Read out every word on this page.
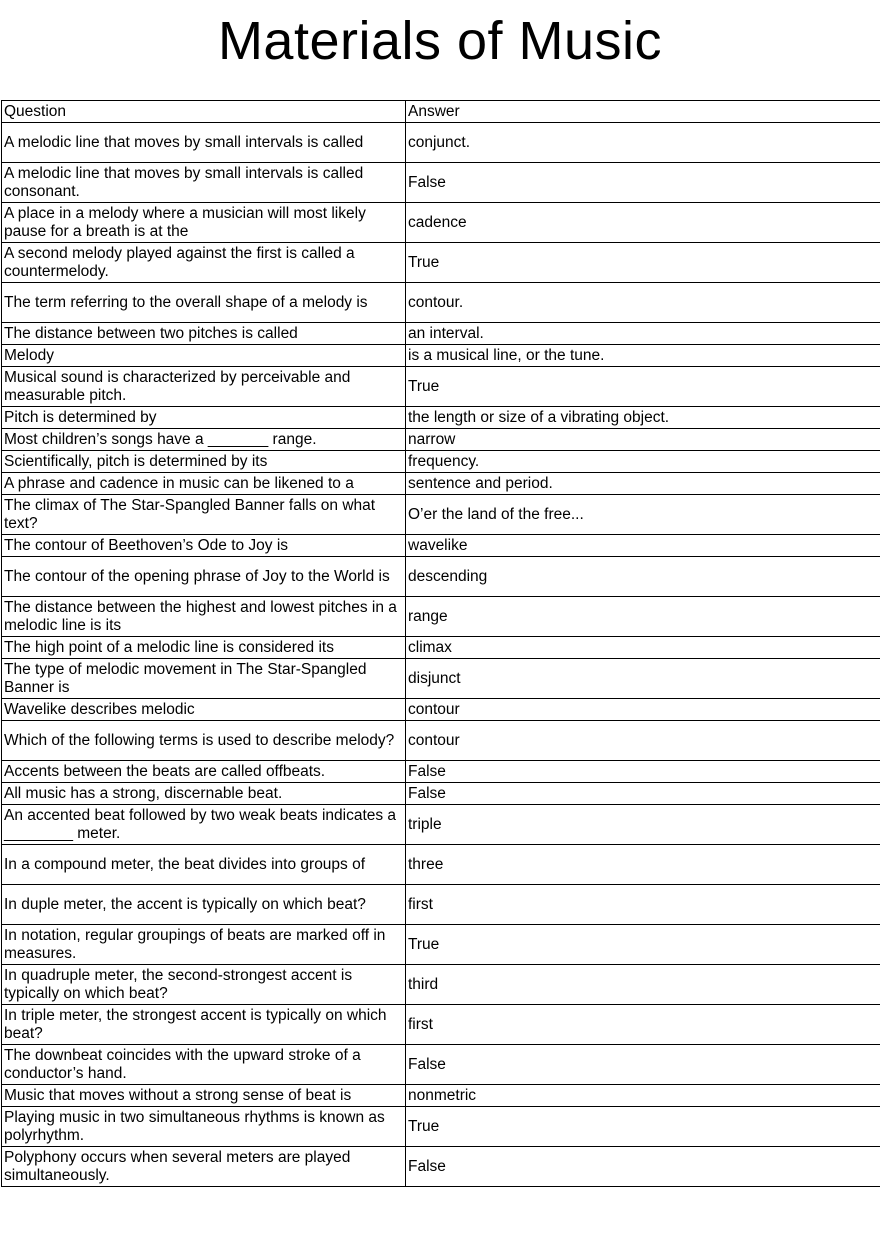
Materials of Music
Question	Answer
A melodic line that moves by small intervals is called	conjunct.
A melodic line that moves by small intervals is called consonant.	False
A place in a melody where a musician will most likely pause for a breath is at the	cadence
A second melody played against the first is called a countermelody.	True
The term referring to the overall shape of a melody is	contour.
The distance between two pitches is called	an interval.
Melody	is a musical line, or the tune.
Musical sound is characterized by perceivable and measurable pitch.	True
Pitch is determined by	the length or size of a vibrating object.
Most children’s songs have a _______ range.	narrow
Scientifically, pitch is determined by its	frequency.
A phrase and cadence in music can be likened to a	sentence and period.
The climax of The Star-Spangled Banner falls on what text?	O’er the land of the free...
The contour of Beethoven’s Ode to Joy is	wavelike
The contour of the opening phrase of Joy to the World is	descending
The distance between the highest and lowest pitches in a melodic line is its	range
The high point of a melodic line is considered its	climax
The type of melodic movement in The Star-Spangled Banner is	disjunct
Wavelike describes melodic	contour
Which of the following terms is used to describe melody?	contour
Accents between the beats are called offbeats.	False
All music has a strong, discernable beat.	False
An accented beat followed by two weak beats indicates a ________ meter.	triple
In a compound meter, the beat divides into groups of	three
In duple meter, the accent is typically on which beat?	first
In notation, regular groupings of beats are marked off in measures.	True
In quadruple meter, the second-strongest accent is typically on which beat?	third
In triple meter, the strongest accent is typically on which beat?	first
The downbeat coincides with the upward stroke of a conductor’s hand.	False
Music that moves without a strong sense of beat is	nonmetric
Playing music in two simultaneous rhythms is known as polyrhythm.	True
Polyphony occurs when several meters are played simultaneously.	False
